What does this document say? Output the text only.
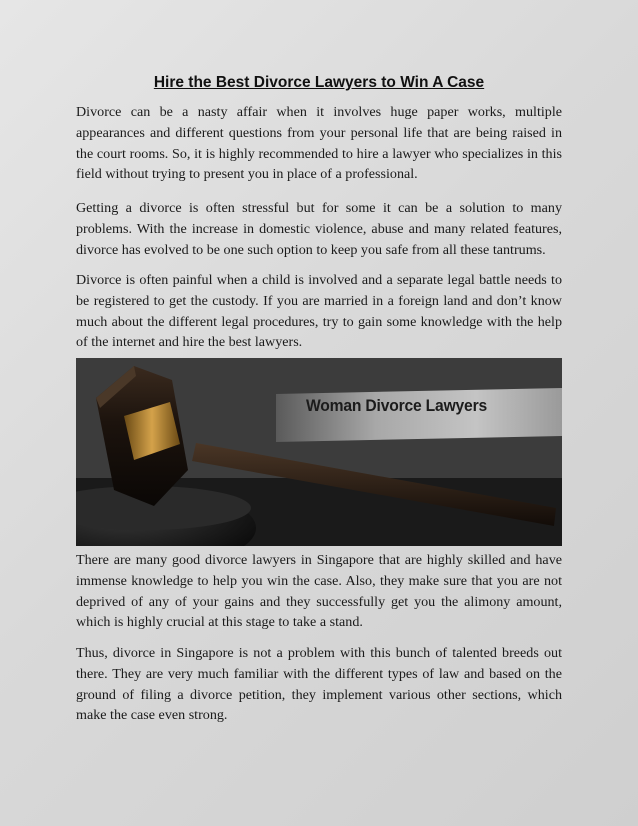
Hire the Best Divorce Lawyers to Win A Case

Divorce can be a nasty affair when it involves huge paper works, multiple appearances and different questions from your personal life that are being raised in the court rooms. So, it is highly recommended to hire a lawyer who specializes in this field without trying to present you in place of a professional.

Getting a divorce is often stressful but for some it can be a solution to many problems. With the increase in domestic violence, abuse and many related features, divorce has evolved to be one such option to keep you safe from all these tantrums.

Divorce is often painful when a child is involved and a separate legal battle needs to be registered to get the custody. If you are married in a foreign land and don’t know much about the different legal procedures, try to gain some knowledge with the help of the internet and hire the best lawyers.

Woman Divorce Lawyers

There are many good divorce lawyers in Singapore that are highly skilled and have immense knowledge to help you win the case. Also, they make sure that you are not deprived of any of your gains and they successfully get you the alimony amount, which is highly crucial at this stage to take a stand.

Thus, divorce in Singapore is not a problem with this bunch of talented breeds out there. They are very much familiar with the different types of law and based on the ground of filing a divorce petition, they implement various other sections, which make the case even strong.
